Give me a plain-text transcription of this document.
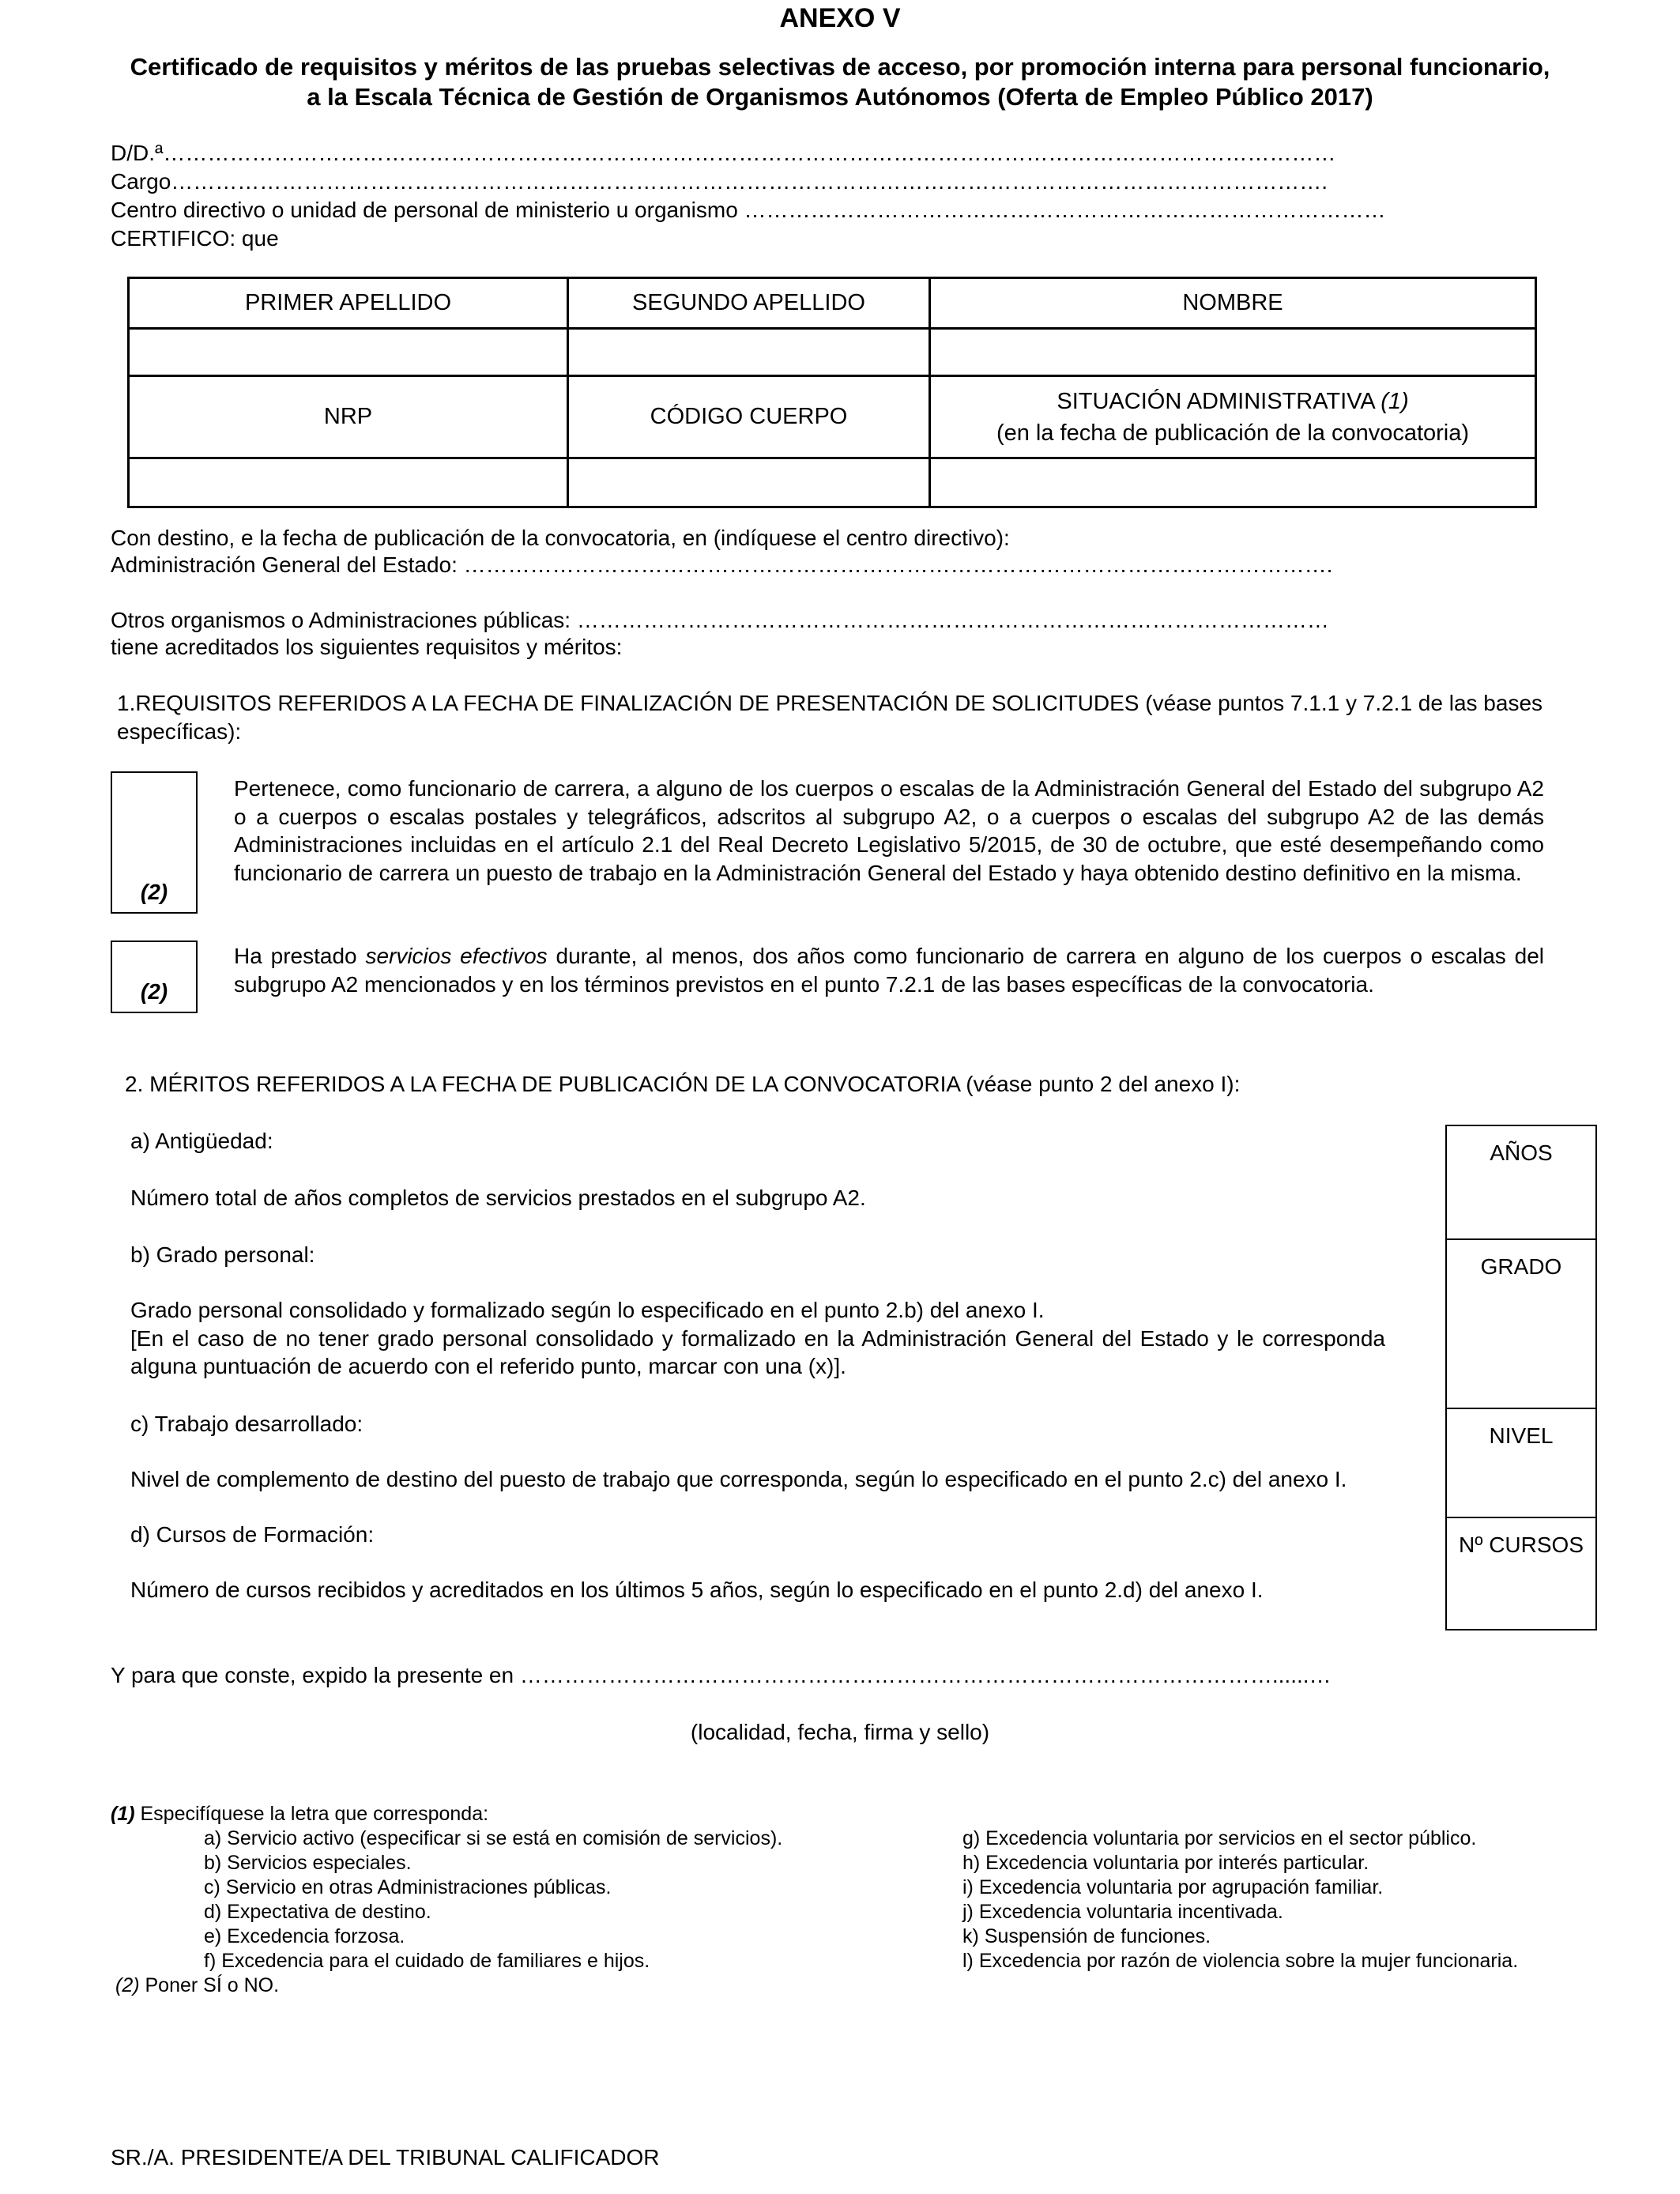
ANEXO V
Certificado de requisitos y méritos de las pruebas selectivas de acceso, por promoción interna para personal funcionario, a la Escala Técnica de Gestión de Organismos Autónomos (Oferta de Empleo Público 2017)
D/D.ª……………………………………………………………………………………………………………………………………………
Cargo………………………………………………………………………………………………………………………………………….
Centro directivo o unidad de personal de ministerio u organismo ……………………………………………………………………………
CERTIFICO: que
PRIMER APELLIDO	SEGUNDO APELLIDO	NOMBRE

NRP	CÓDIGO CUERPO	SITUACIÓN ADMINISTRATIVA (1)
(en la fecha de publicación de la convocatoria)

Con destino, e la fecha de publicación de la convocatoria, en (indíquese el centro directivo):
Administración General del Estado: ……………………………………………………………………………………………………….
Otros organismos o Administraciones públicas: …………………………………………………………………………………………
tiene acreditados los siguientes requisitos y méritos:
1.REQUISITOS REFERIDOS A LA FECHA DE FINALIZACIÓN DE PRESENTACIÓN DE SOLICITUDES (véase puntos 7.1.1 y 7.2.1 de las bases específicas):
(2)
Pertenece, como funcionario de carrera, a alguno de los cuerpos o escalas de la Administración General del Estado del subgrupo A2 o a cuerpos o escalas postales y telegráficos, adscritos al subgrupo A2, o a cuerpos o escalas del subgrupo A2 de las demás Administraciones incluidas en el artículo 2.1 del Real Decreto Legislativo 5/2015, de 30 de octubre, que esté desempeñando como funcionario de carrera un puesto de trabajo en la Administración General del Estado y haya obtenido destino definitivo en la misma.
(2)
Ha prestado servicios efectivos durante, al menos, dos años como funcionario de carrera en alguno de los cuerpos o escalas del subgrupo A2 mencionados y en los términos previstos en el punto 7.2.1 de las bases específicas de la convocatoria.
2. MÉRITOS REFERIDOS A LA FECHA DE PUBLICACIÓN DE LA CONVOCATORIA (véase punto 2 del anexo I):
a) Antigüedad:
Número total de años completos de servicios prestados en el subgrupo A2.
b) Grado personal:
Grado personal consolidado y formalizado según lo especificado en el punto 2.b) del anexo I.
[En el caso de no tener grado personal consolidado y formalizado en la Administración General del Estado y le corresponda alguna puntuación de acuerdo con el referido punto, marcar con una (x)].
c) Trabajo desarrollado:
Nivel de complemento de destino del puesto de trabajo que corresponda, según lo especificado en el punto 2.c) del anexo I.
d) Cursos de Formación:
Número de cursos recibidos y acreditados en los últimos 5 años, según lo especificado en el punto 2.d) del anexo I.
AÑOS
GRADO
NIVEL
Nº CURSOS
Y para que conste, expido la presente en …………………………………………………………………………………………......…
(localidad, fecha, firma y sello)
(1) Especifíquese la letra que corresponda:
a) Servicio activo (especificar si se está en comisión de servicios).
b) Servicios especiales.
c) Servicio en otras Administraciones públicas.
d) Expectativa de destino.
e) Excedencia forzosa.
f) Excedencia para el cuidado de familiares e hijos.
g) Excedencia voluntaria por servicios en el sector público.
h) Excedencia voluntaria por interés particular.
i) Excedencia voluntaria por agrupación familiar.
j) Excedencia voluntaria incentivada.
k) Suspensión de funciones.
l) Excedencia por razón de violencia sobre la mujer funcionaria.
(2) Poner SÍ o NO.
SR./A. PRESIDENTE/A DEL TRIBUNAL CALIFICADOR
